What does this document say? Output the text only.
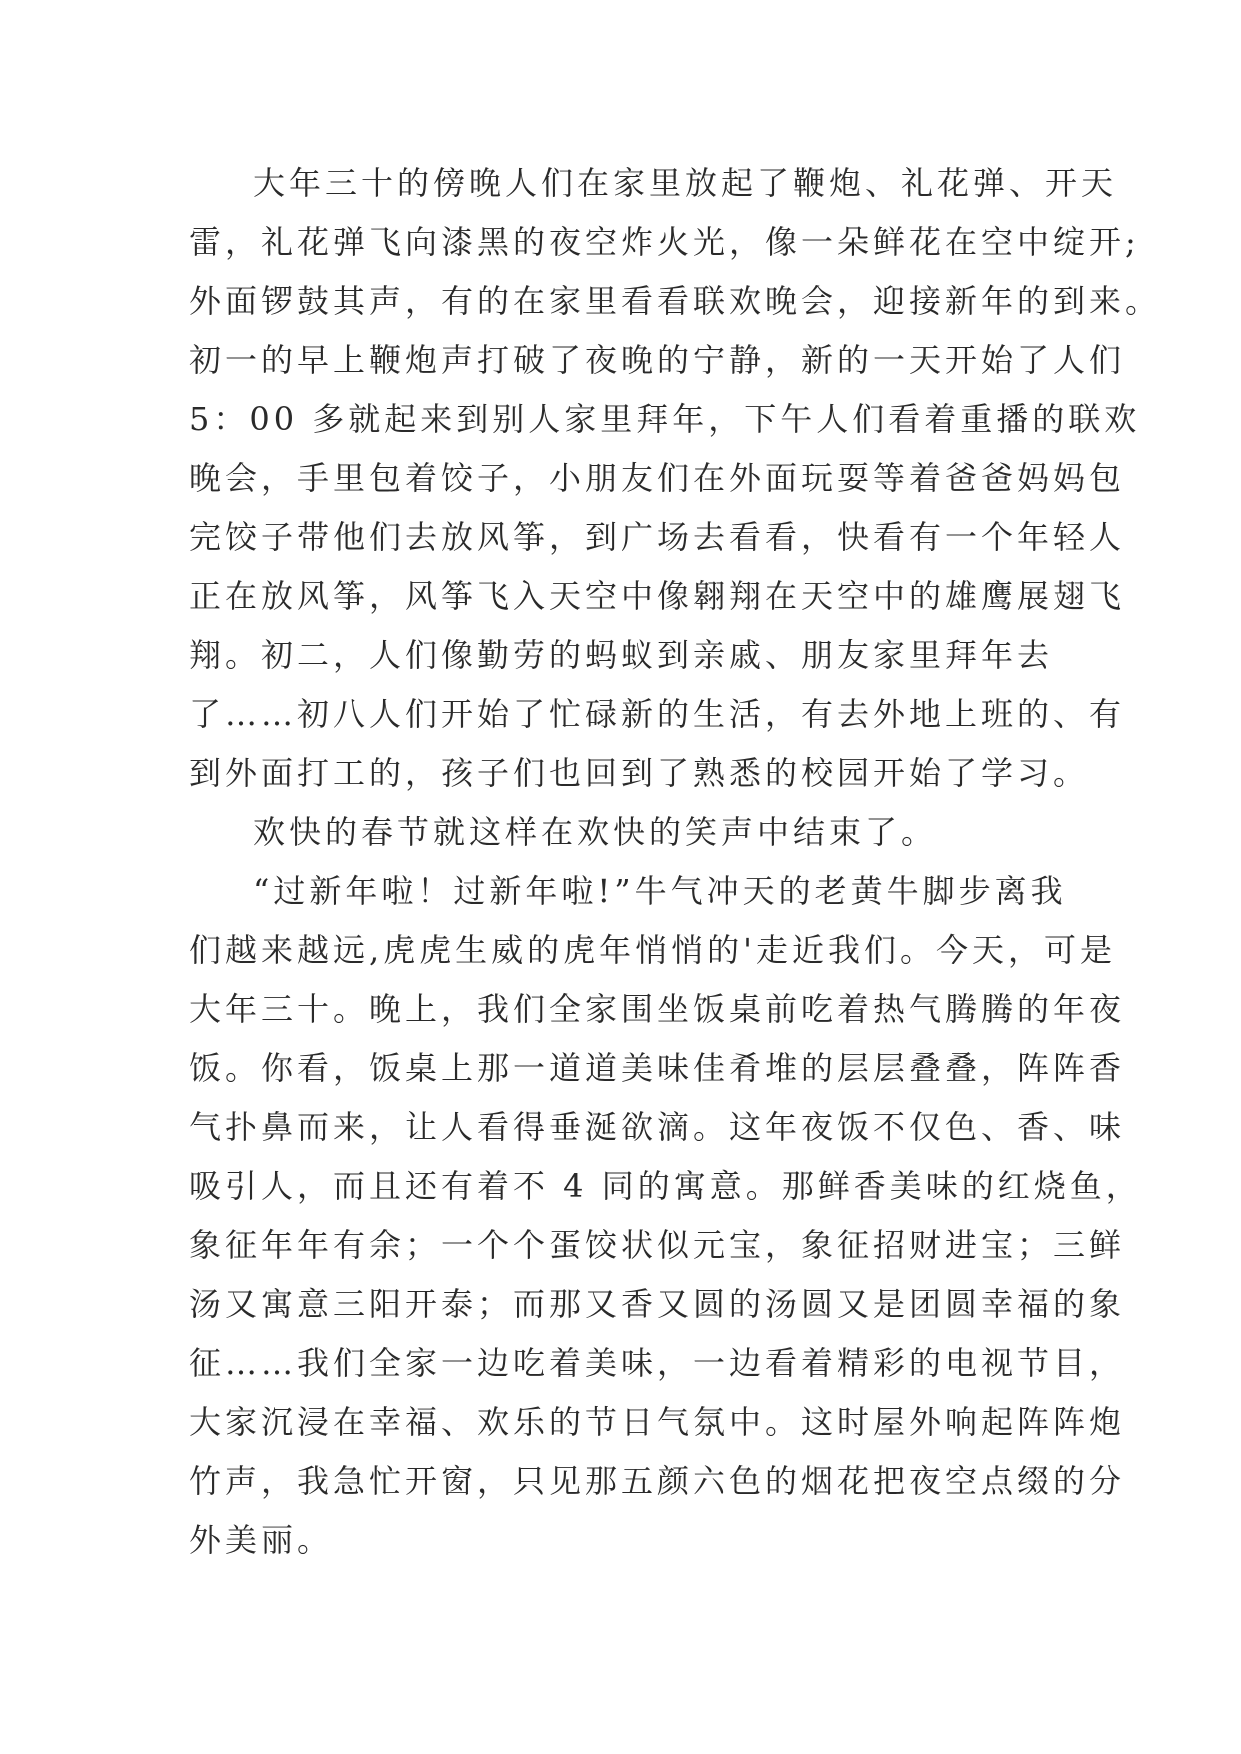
大年三十的傍晚人们在家里放起了鞭炮、礼花弹、开天
雷，礼花弹飞向漆黑的夜空炸火光，像一朵鲜花在空中绽开;
外面锣鼓其声，有的在家里看看联欢晚会，迎接新年的到来。
初一的早上鞭炮声打破了夜晚的宁静，新的一天开始了人们
5：00 多就起来到别人家里拜年，下午人们看着重播的联欢
晚会，手里包着饺子，小朋友们在外面玩耍等着爸爸妈妈包
完饺子带他们去放风筝，到广场去看看，快看有一个年轻人
正在放风筝，风筝飞入天空中像翱翔在天空中的雄鹰展翅飞
翔。初二，人们像勤劳的蚂蚁到亲戚、朋友家里拜年去
了……初八人们开始了忙碌新的生活，有去外地上班的、有
到外面打工的，孩子们也回到了熟悉的校园开始了学习。
欢快的春节就这样在欢快的笑声中结束了。
“过新年啦！过新年啦!”牛气冲天的老黄牛脚步离我
们越来越远,虎虎生威的虎年悄悄的'走近我们。今天，可是
大年三十。晚上，我们全家围坐饭桌前吃着热气腾腾的年夜
饭。你看，饭桌上那一道道美味佳肴堆的层层叠叠，阵阵香
气扑鼻而来，让人看得垂涎欲滴。这年夜饭不仅色、香、味
吸引人，而且还有着不 4 同的寓意。那鲜香美味的红烧鱼，
象征年年有余；一个个蛋饺状似元宝，象征招财进宝；三鲜
汤又寓意三阳开泰；而那又香又圆的汤圆又是团圆幸福的象
征……我们全家一边吃着美味，一边看着精彩的电视节目，
大家沉浸在幸福、欢乐的节日气氛中。这时屋外响起阵阵炮
竹声，我急忙开窗，只见那五颜六色的烟花把夜空点缀的分
外美丽。
